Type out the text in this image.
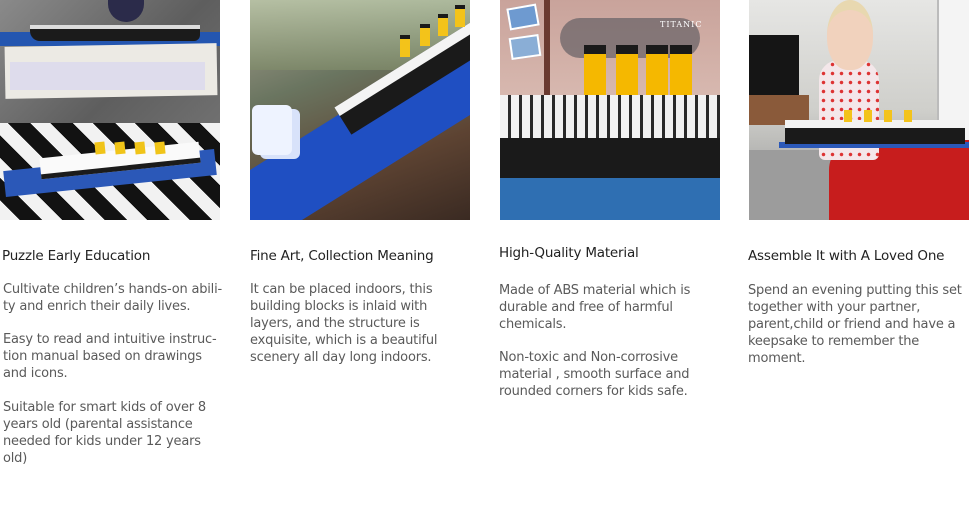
Puzzle Early Education

Cultivate children’s hands-on abili-
ty and enrich their daily lives.

Easy to read and intuitive instruc-
tion manual based on drawings
and icons.

Suitable for smart kids of over 8
years old (parental assistance
needed for kids under 12 years
old)

Fine Art, Collection Meaning

It can be placed indoors, this
building blocks is inlaid with
layers, and the structure is
exquisite, which is a beautiful
scenery all day long indoors.

TITANIC
High-Quality Material

Made of ABS material which is
durable and free of harmful
chemicals.

Non-toxic and Non-corrosive
material , smooth surface and
rounded corners for kids safe.

Assemble It with A Loved One

Spend an evening putting this set
together with your partner,
parent,child or friend and have a
keepsake to remember the
moment.
